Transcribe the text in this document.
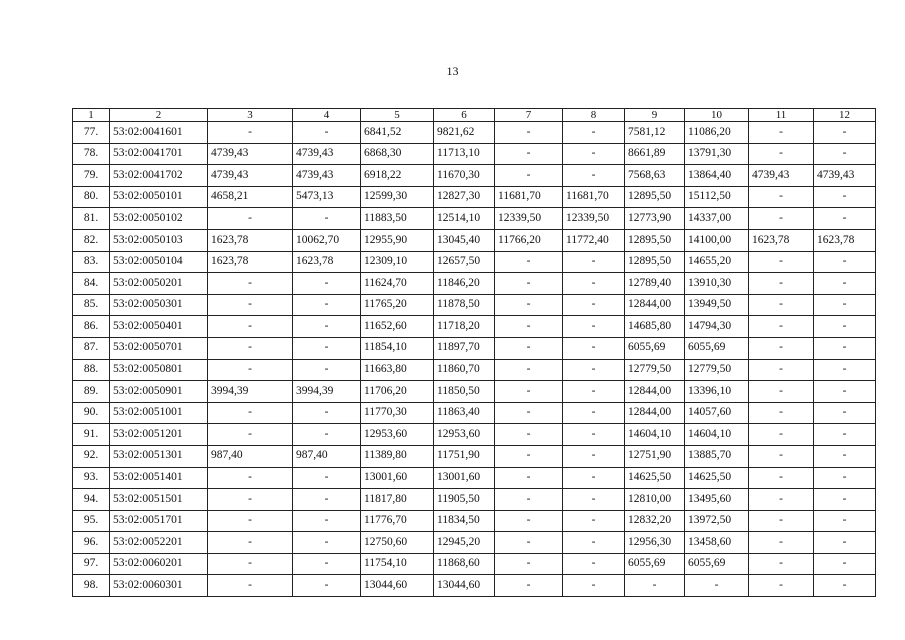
13
1	2	3	4	5	6	7	8	9	10	11	12
77.	53:02:0041601	-	-	6841,52	9821,62	-	-	7581,12	11086,20	-	-
78.	53:02:0041701	4739,43	4739,43	6868,30	11713,10	-	-	8661,89	13791,30	-	-
79.	53:02:0041702	4739,43	4739,43	6918,22	11670,30	-	-	7568,63	13864,40	4739,43	4739,43
80.	53:02:0050101	4658,21	5473,13	12599,30	12827,30	11681,70	11681,70	12895,50	15112,50	-	-
81.	53:02:0050102	-	-	11883,50	12514,10	12339,50	12339,50	12773,90	14337,00	-	-
82.	53:02:0050103	1623,78	10062,70	12955,90	13045,40	11766,20	11772,40	12895,50	14100,00	1623,78	1623,78
83.	53:02:0050104	1623,78	1623,78	12309,10	12657,50	-	-	12895,50	14655,20	-	-
84.	53:02:0050201	-	-	11624,70	11846,20	-	-	12789,40	13910,30	-	-
85.	53:02:0050301	-	-	11765,20	11878,50	-	-	12844,00	13949,50	-	-
86.	53:02:0050401	-	-	11652,60	11718,20	-	-	14685,80	14794,30	-	-
87.	53:02:0050701	-	-	11854,10	11897,70	-	-	6055,69	6055,69	-	-
88.	53:02:0050801	-	-	11663,80	11860,70	-	-	12779,50	12779,50	-	-
89.	53:02:0050901	3994,39	3994,39	11706,20	11850,50	-	-	12844,00	13396,10	-	-
90.	53:02:0051001	-	-	11770,30	11863,40	-	-	12844,00	14057,60	-	-
91.	53:02:0051201	-	-	12953,60	12953,60	-	-	14604,10	14604,10	-	-
92.	53:02:0051301	987,40	987,40	11389,80	11751,90	-	-	12751,90	13885,70	-	-
93.	53:02:0051401	-	-	13001,60	13001,60	-	-	14625,50	14625,50	-	-
94.	53:02:0051501	-	-	11817,80	11905,50	-	-	12810,00	13495,60	-	-
95.	53:02:0051701	-	-	11776,70	11834,50	-	-	12832,20	13972,50	-	-
96.	53:02:0052201	-	-	12750,60	12945,20	-	-	12956,30	13458,60	-	-
97.	53:02:0060201	-	-	11754,10	11868,60	-	-	6055,69	6055,69	-	-
98.	53:02:0060301	-	-	13044,60	13044,60	-	-	-	-	-	-
